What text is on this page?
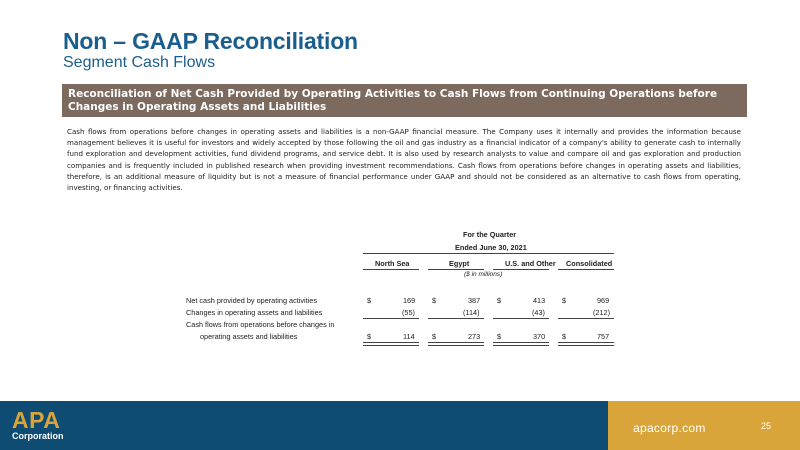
Non – GAAP Reconciliation
Segment Cash Flows
Reconciliation of Net Cash Provided by Operating Activities to Cash Flows from Continuing Operations before Changes in Operating Assets and Liabilities
Cash flows from operations before changes in operating assets and liabilities is a non-GAAP financial measure. The Company uses it internally and provides the information because management believes it is useful for investors and widely accepted by those following the oil and gas industry as a financial indicator of a company's ability to generate cash to internally fund exploration and development activities, fund dividend programs, and service debt. It is also used by research analysts to value and compare oil and gas exploration and production companies and is frequently included in published research when providing investment recommendations. Cash flows from operations before changes in operating assets and liabilities, therefore, is an additional measure of liquidity but is not a measure of financial performance under GAAP and should not be considered as an alternative to cash flows from operating, investing, or financing activities.
For the Quarter
Ended June 30, 2021
North Sea	Egypt	U.S. and Other Consolidated
($ in millions)
Net cash provided by operating activities	$	169 $	387 $	413 $	969
Changes in operating assets and liabilities	(55)	(114)	(43)	(212)
Cash flows from operations before changes in
operating assets and liabilities	$	114 $	273 $	370 $	757
APA
Corporation
apacorp.com	25
